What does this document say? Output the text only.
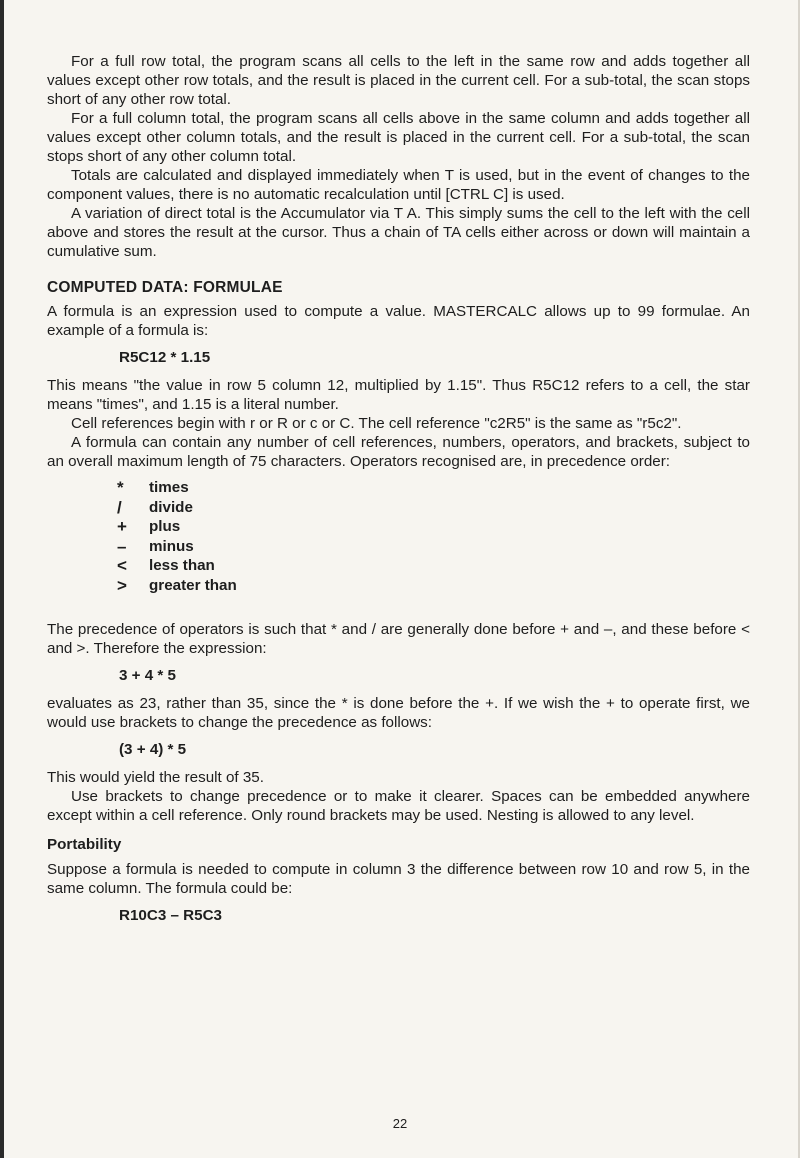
For a full row total, the program scans all cells to the left in the same row and adds together all values except other row totals, and the result is placed in the current cell. For a sub-total, the scan stops short of any other row total.

For a full column total, the program scans all cells above in the same column and adds together all values except other column totals, and the result is placed in the current cell. For a sub-total, the scan stops short of any other column total.

Totals are calculated and displayed immediately when T is used, but in the event of changes to the component values, there is no automatic recalculation until [CTRL C] is used.

A variation of direct total is the Accumulator via T A. This simply sums the cell to the left with the cell above and stores the result at the cursor. Thus a chain of TA cells either across or down will maintain a cumulative sum.

COMPUTED DATA: FORMULAE

A formula is an expression used to compute a value. MASTERCALC allows up to 99 formulae. An example of a formula is:

R5C12 * 1.15

This means "the value in row 5 column 12, multiplied by 1.15". Thus R5C12 refers to a cell, the star means "times", and 1.15 is a literal number.

Cell references begin with r or R or c or C. The cell reference "c2R5" is the same as "r5c2".

A formula can contain any number of cell references, numbers, operators, and brackets, subject to an overall maximum length of 75 characters. Operators recognised are, in precedence order:

*	times
/	divide
+	plus
–	minus
<	less than
>	greater than

The precedence of operators is such that * and / are generally done before + and –, and these before < and >. Therefore the expression:

3 + 4 * 5

evaluates as 23, rather than 35, since the * is done before the +. If we wish the + to operate first, we would use brackets to change the precedence as follows:

(3 + 4) * 5

This would yield the result of 35.

Use brackets to change precedence or to make it clearer. Spaces can be embedded anywhere except within a cell reference. Only round brackets may be used. Nesting is allowed to any level.

Portability

Suppose a formula is needed to compute in column 3 the difference between row 10 and row 5, in the same column. The formula could be:

R10C3 – R5C3
22
